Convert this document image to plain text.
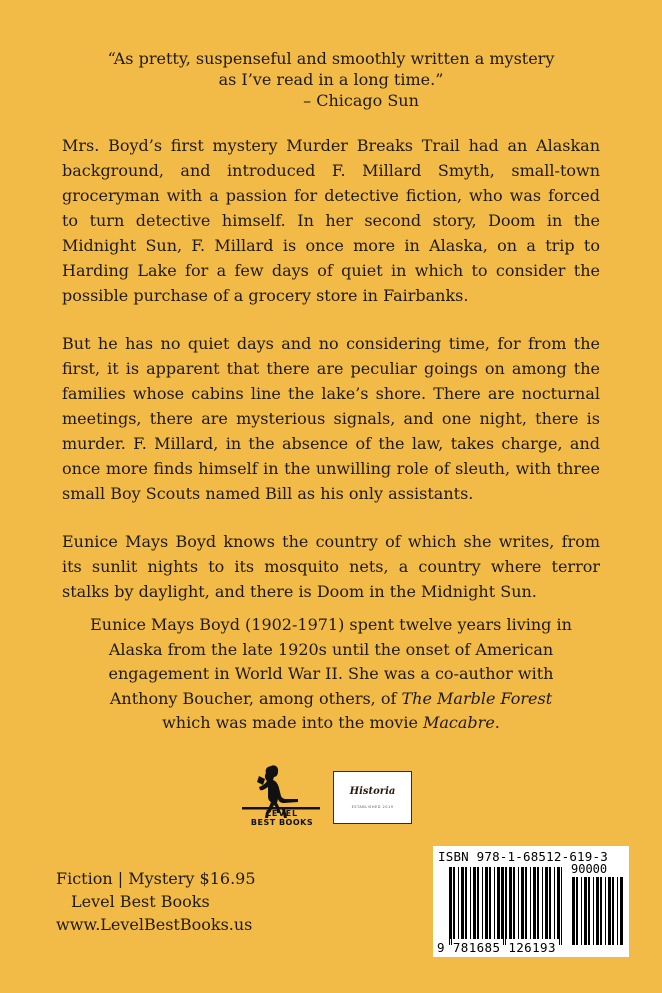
“As pretty, suspenseful and smoothly written a mystery
as I’ve read in a long time.”
– Chicago Sun

Mrs. Boyd’s first mystery Murder Breaks Trail had an Alaskan background, and introduced F. Millard Smyth, small-town groceryman with a passion for detective fiction, who was forced to turn detective himself. In her second story, Doom in the Midnight Sun, F. Millard is once more in Alaska, on a trip to Harding Lake for a few days of quiet in which to consider the possible purchase of a grocery store in Fairbanks.

But he has no quiet days and no considering time, for from the first, it is apparent that there are peculiar goings on among the families whose cabins line the lake’s shore. There are nocturnal meetings, there are mysterious signals, and one night, there is murder. F. Millard, in the absence of the law, takes charge, and once more finds himself in the unwilling role of sleuth, with three small Boy Scouts named Bill as his only assistants.

Eunice Mays Boyd knows the country of which she writes, from its sunlit nights to its mosquito nets, a country where terror stalks by daylight, and there is Doom in the Midnight Sun.

Eunice Mays Boyd (1902-1971) spent twelve years living in
Alaska from the late 1920s until the onset of American
engagement in World War II. She was a co-author with
Anthony Boucher, among others, of The Marble Forest
which was made into the movie Macabre.
LEVEL
BEST BOOKS
Historia
ESTABLISHED 2019
Fiction | Mystery $16.95
Level Best Books
www.LevelBestBooks.us
ISBN 978-1-68512-619-3
90000
9 781685 126193
